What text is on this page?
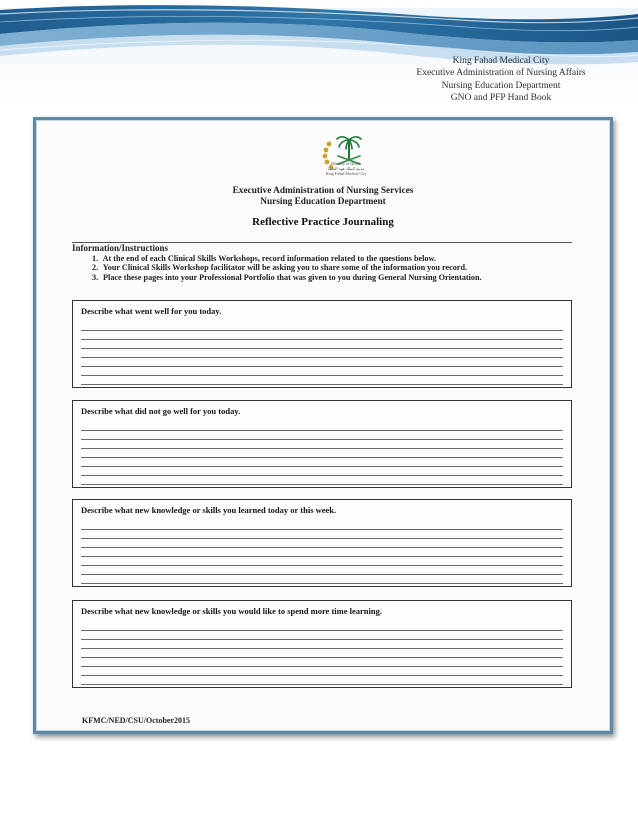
King Fahad Medical City
Executive Administration of Nursing Affairs
Nursing Education Department
GNO and PFP Hand Book
Ministry of Health
مدينة الملك فهد الطبية
King Fahad Medical City
Executive Administration of Nursing Services
Nursing Education Department
Reflective Practice Journaling
Information/Instructions
1. At the end of each Clinical Skills Workshops, record information related to the questions below.
2. Your Clinical Skills Workshop facilitator will be asking you to share some of the information you record.
3. Place these pages into your Professional Portfolio that was given to you during General Nursing Orientation.
Describe what went well for you today.
Describe what did not go well for you today.
Describe what new knowledge or skills you learned today or this week.
Describe what new knowledge or skills you would like to spend more time learning.
KFMC/NED/CSU/October2015
